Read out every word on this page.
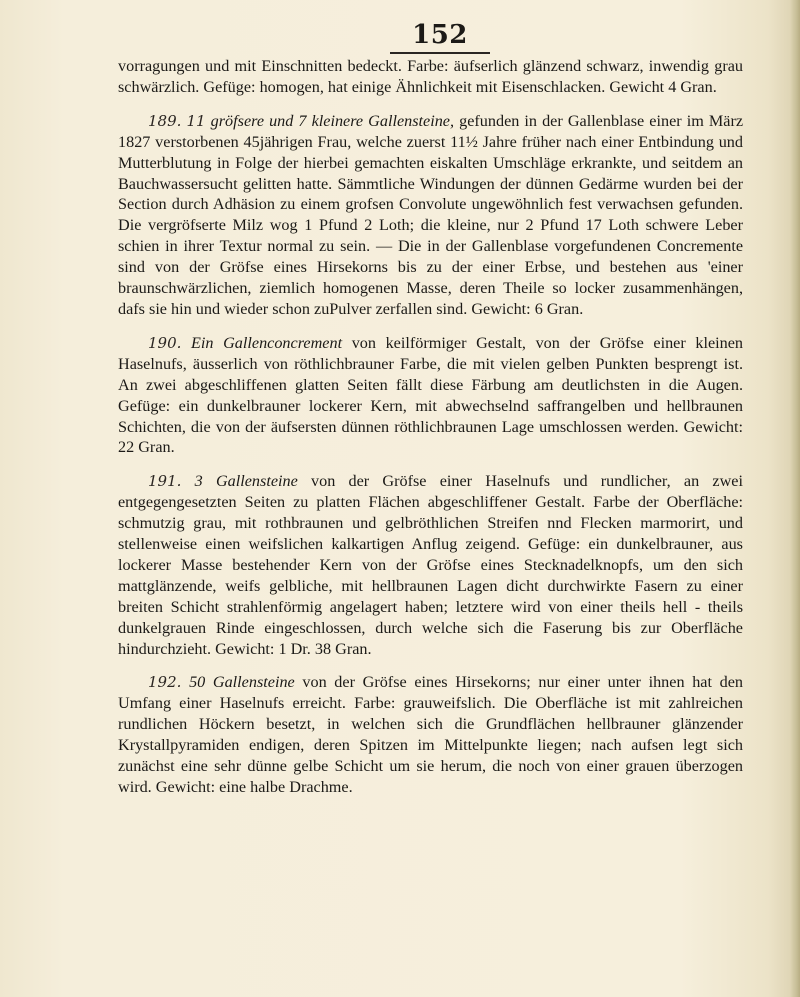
152

vorragungen und mit Einschnitten bedeckt. Farbe: äufserlich glänzend schwarz, inwendig grau schwärzlich. Gefüge: homogen, hat einige Ähnlichkeit mit Eisenschlacken. Gewicht 4 Gran.

189. 11 gröfsere und 7 kleinere Gallensteine, gefunden in der Gallenblase einer im März 1827 verstorbenen 45jährigen Frau, welche zuerst 11½ Jahre früher nach einer Entbindung und Mutterblutung in Folge der hierbei gemachten eiskalten Umschläge erkrankte, und seitdem an Bauchwassersucht gelitten hatte. Sämmtliche Windungen der dünnen Gedärme wurden bei der Section durch Adhäsion zu einem grofsen Convolute ungewöhnlich fest verwachsen gefunden. Die vergröfserte Milz wog 1 Pfund 2 Loth; die kleine, nur 2 Pfund 17 Loth schwere Leber schien in ihrer Textur normal zu sein. — Die in der Gallenblase vorgefundenen Concremente sind von der Gröfse eines Hirsekorns bis zu der einer Erbse, und bestehen aus 'einer braunschwärzlichen, ziemlich homogenen Masse, deren Theile so locker zusammenhängen, dafs sie hin und wieder schon zuPulver zerfallen sind. Gewicht: 6 Gran.

190. Ein Gallenconcrement von keilförmiger Gestalt, von der Gröfse einer kleinen Haselnufs, äusserlich von röthlichbrauner Farbe, die mit vielen gelben Punkten besprengt ist. An zwei abgeschliffenen glatten Seiten fällt diese Färbung am deutlichsten in die Augen. Gefüge: ein dunkelbrauner lockerer Kern, mit abwechselnd saffrangelben und hellbraunen Schichten, die von der äufsersten dünnen röthlichbraunen Lage umschlossen werden. Gewicht: 22 Gran.

191. 3 Gallensteine von der Gröfse einer Haselnufs und rundlicher, an zwei entgegengesetzten Seiten zu platten Flächen abgeschliffener Gestalt. Farbe der Oberfläche: schmutzig grau, mit rothbraunen und gelbröthlichen Streifen nnd Flecken marmorirt, und stellenweise einen weifslichen kalkartigen Anflug zeigend. Gefüge: ein dunkelbrauner, aus lockerer Masse bestehender Kern von der Gröfse eines Stecknadelknopfs, um den sich mattglänzende, weifs gelbliche, mit hellbraunen Lagen dicht durchwirkte Fasern zu einer breiten Schicht strahlenförmig angelagert haben; letztere wird von einer theils hell - theils dunkelgrauen Rinde eingeschlossen, durch welche sich die Faserung bis zur Oberfläche hindurchzieht. Gewicht: 1 Dr. 38 Gran.

192. 50 Gallensteine von der Gröfse eines Hirsekorns; nur einer unter ihnen hat den Umfang einer Haselnufs erreicht. Farbe: grauweifslich. Die Oberfläche ist mit zahlreichen rundlichen Höckern besetzt, in welchen sich die Grundflächen hellbrauner glänzender Krystallpyramiden endigen, deren Spitzen im Mittelpunkte liegen; nach aufsen legt sich zunächst eine sehr dünne gelbe Schicht um sie herum, die noch von einer grauen überzogen wird. Gewicht: eine halbe Drachme.
